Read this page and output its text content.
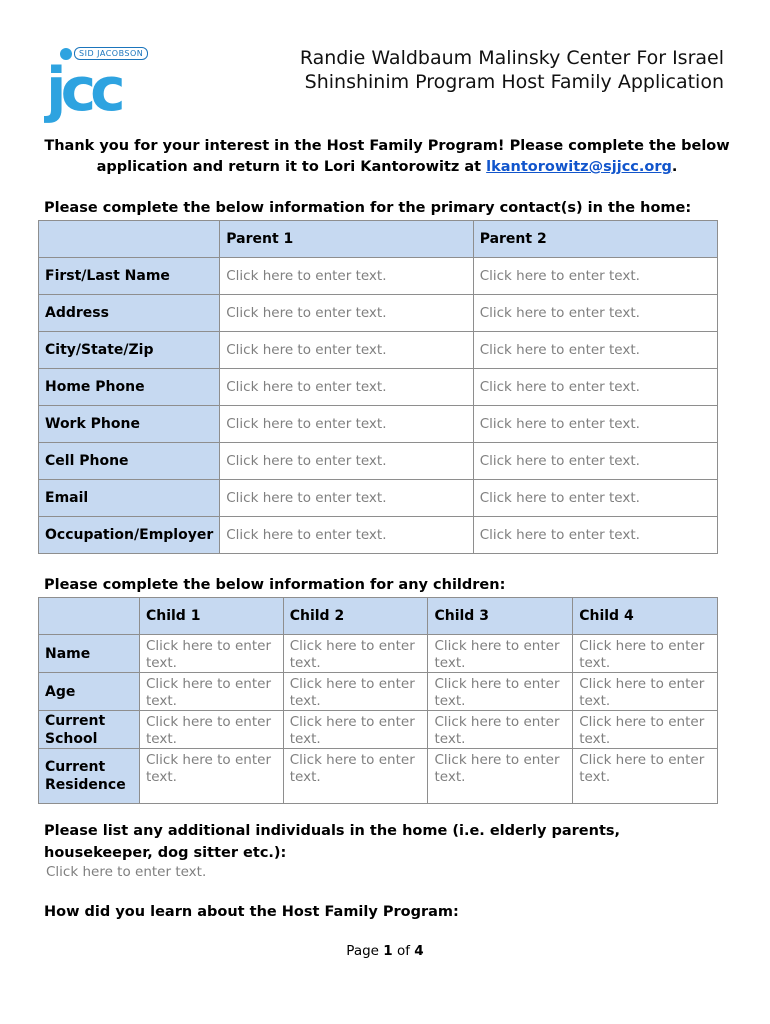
SID JACOBSON
jcc	Randie Waldbaum Malinsky Center For Israel
Shinshinim Program Host Family Application
Thank you for your interest in the Host Family Program! Please complete the below application and return it to Lori Kantorowitz at lkantorowitz@sjjcc.org.
Please complete the below information for the primary contact(s) in the home:
	Parent 1	Parent 2
First/Last Name	Click here to enter text.	Click here to enter text.
Address	Click here to enter text.	Click here to enter text.
City/State/Zip	Click here to enter text.	Click here to enter text.
Home Phone	Click here to enter text.	Click here to enter text.
Work Phone	Click here to enter text.	Click here to enter text.
Cell Phone	Click here to enter text.	Click here to enter text.
Email	Click here to enter text.	Click here to enter text.
Occupation/Employer	Click here to enter text.	Click here to enter text.
Please complete the below information for any children:
	Child 1	Child 2	Child 3	Child 4
Name	Click here to enter text.	Click here to enter text.	Click here to enter text.	Click here to enter text.
Age	Click here to enter text.	Click here to enter text.	Click here to enter text.	Click here to enter text.
Current School	Click here to enter text.	Click here to enter text.	Click here to enter text.	Click here to enter text.
Current Residence	Click here to enter text.	Click here to enter text.	Click here to enter text.	Click here to enter text.
Please list any additional individuals in the home (i.e. elderly parents, housekeeper, dog sitter etc.):
Click here to enter text.
How did you learn about the Host Family Program:
Page 1 of 4
